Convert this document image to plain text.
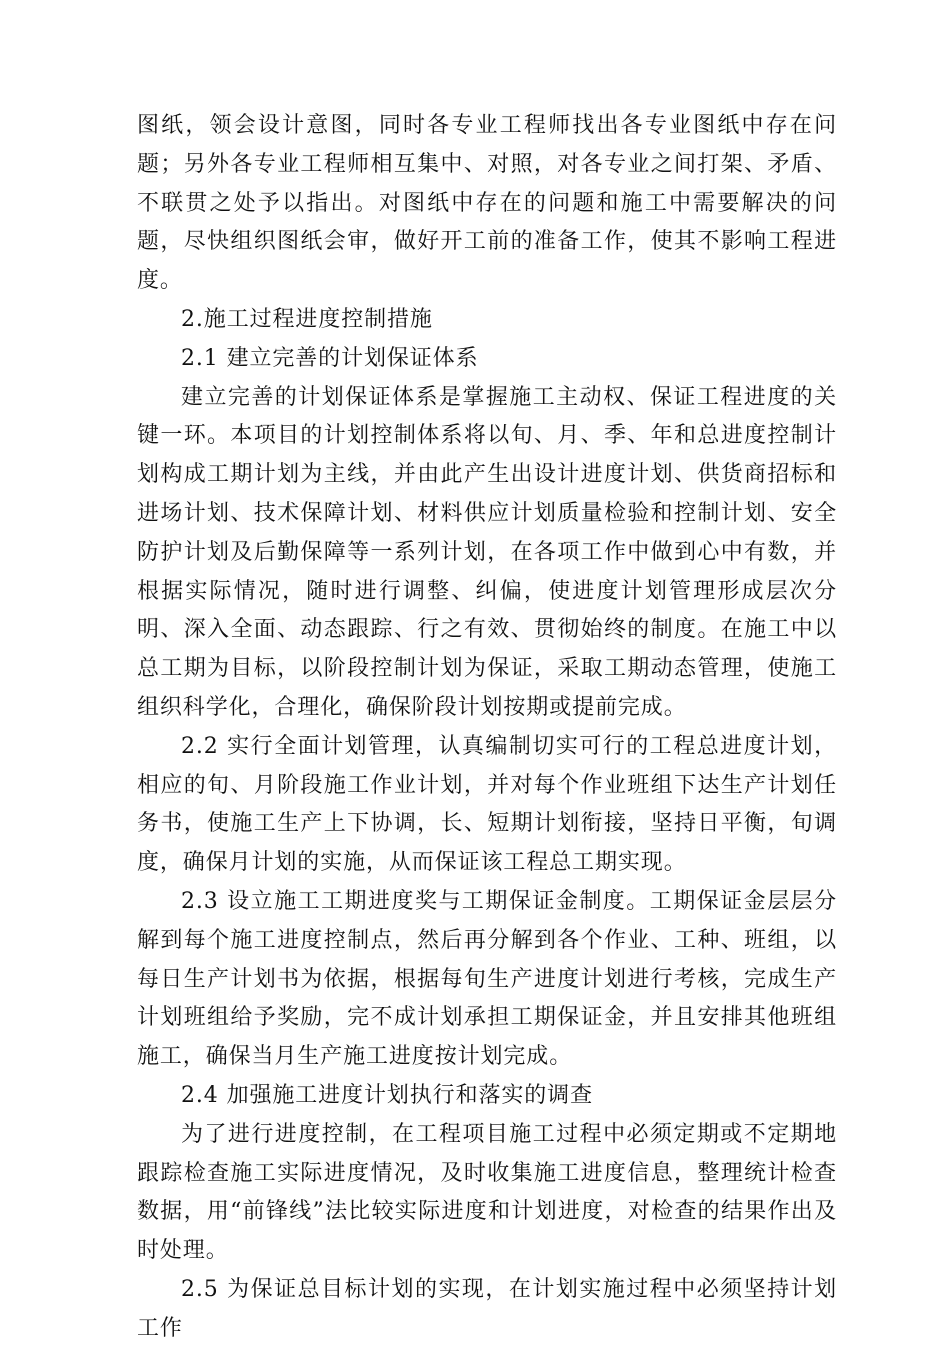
图纸，领会设计意图，同时各专业工程师找出各专业图纸中存在问题；另外各专业工程师相互集中、对照，对各专业之间打架、矛盾、不联贯之处予以指出。对图纸中存在的问题和施工中需要解决的问题，尽快组织图纸会审，做好开工前的准备工作，使其不影响工程进度。

2.施工过程进度控制措施

2.1 建立完善的计划保证体系

建立完善的计划保证体系是掌握施工主动权、保证工程进度的关键一环。本项目的计划控制体系将以旬、月、季、年和总进度控制计划构成工期计划为主线，并由此产生出设计进度计划、供货商招标和进场计划、技术保障计划、材料供应计划质量检验和控制计划、安全防护计划及后勤保障等一系列计划，在各项工作中做到心中有数，并根据实际情况，随时进行调整、纠偏，使进度计划管理形成层次分明、深入全面、动态跟踪、行之有效、贯彻始终的制度。在施工中以总工期为目标，以阶段控制计划为保证，采取工期动态管理，使施工组织科学化，合理化，确保阶段计划按期或提前完成。

2.2 实行全面计划管理，认真编制切实可行的工程总进度计划，相应的旬、月阶段施工作业计划，并对每个作业班组下达生产计划任务书，使施工生产上下协调，长、短期计划衔接，坚持日平衡，旬调度，确保月计划的实施，从而保证该工程总工期实现。

2.3 设立施工工期进度奖与工期保证金制度。工期保证金层层分解到每个施工进度控制点，然后再分解到各个作业、工种、班组，以每日生产计划书为依据，根据每旬生产进度计划进行考核，完成生产计划班组给予奖励，完不成计划承担工期保证金，并且安排其他班组施工，确保当月生产施工进度按计划完成。

2.4 加强施工进度计划执行和落实的调查

为了进行进度控制，在工程项目施工过程中必须定期或不定期地跟踪检查施工实际进度情况，及时收集施工进度信息，整理统计检查数据，用“前锋线”法比较实际进度和计划进度，对检查的结果作出及时处理。

2.5 为保证总目标计划的实现，在计划实施过程中必须坚持计划工作
